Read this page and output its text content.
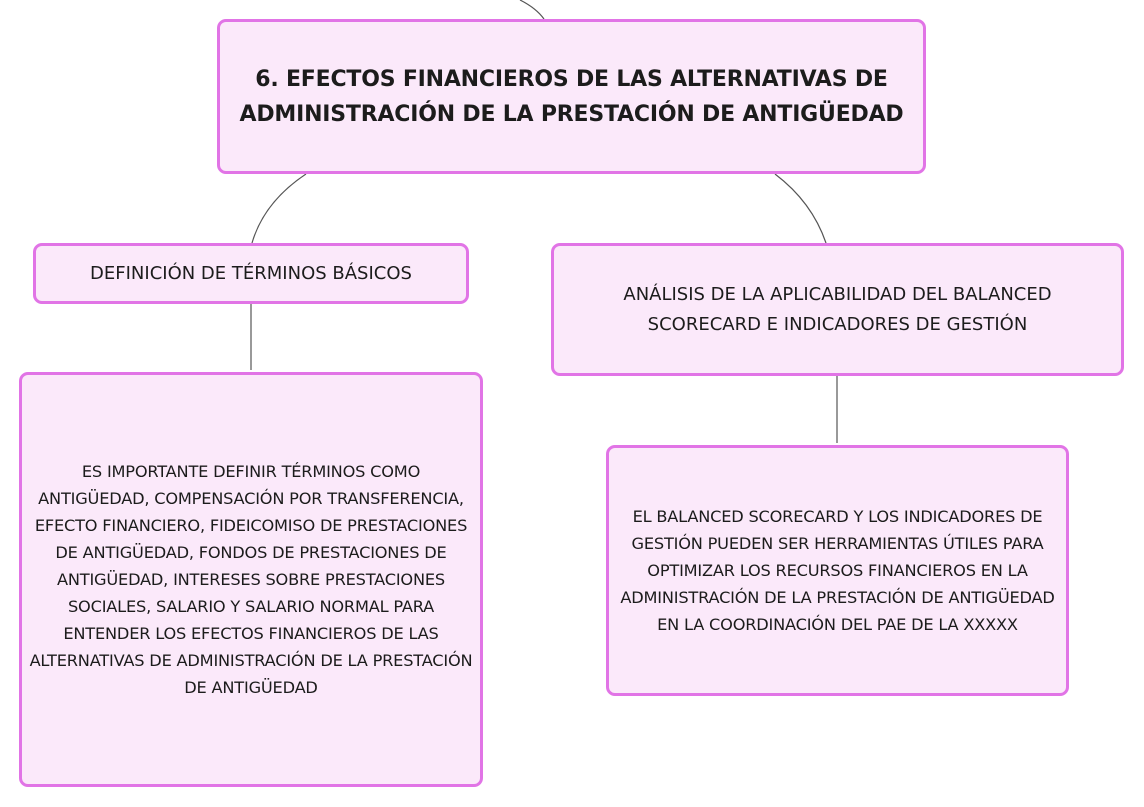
6. EFECTOS FINANCIEROS DE LAS ALTERNATIVAS DE ADMINISTRACIÓN DE LA PRESTACIÓN DE ANTIGÜEDAD
DEFINICIÓN DE TÉRMINOS BÁSICOS
ANÁLISIS DE LA APLICABILIDAD DEL BALANCED SCORECARD E INDICADORES DE GESTIÓN
ES IMPORTANTE DEFINIR TÉRMINOS COMO ANTIGÜEDAD, COMPENSACIÓN POR TRANSFERENCIA, EFECTO FINANCIERO, FIDEICOMISO DE PRESTACIONES DE ANTIGÜEDAD, FONDOS DE PRESTACIONES DE ANTIGÜEDAD, INTERESES SOBRE PRESTACIONES SOCIALES, SALARIO Y SALARIO NORMAL PARA ENTENDER LOS EFECTOS FINANCIEROS DE LAS ALTERNATIVAS DE ADMINISTRACIÓN DE LA PRESTACIÓN DE ANTIGÜEDAD
EL BALANCED SCORECARD Y LOS INDICADORES DE GESTIÓN PUEDEN SER HERRAMIENTAS ÚTILES PARA OPTIMIZAR LOS RECURSOS FINANCIEROS EN LA ADMINISTRACIÓN DE LA PRESTACIÓN DE ANTIGÜEDAD EN LA COORDINACIÓN DEL PAE DE LA XXXXX
